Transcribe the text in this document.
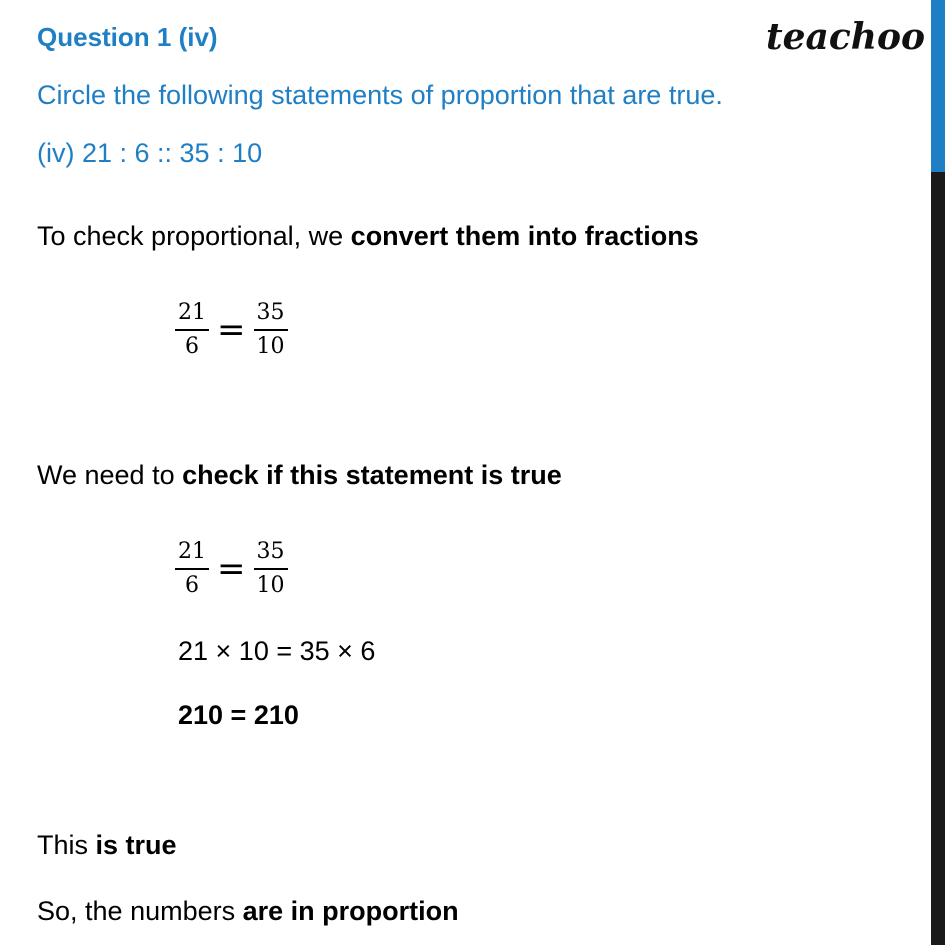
Question 1 (iv)	teachoo
Circle the following statements of proportion that are true.
(iv) 21 : 6 :: 35 : 10
To check proportional, we convert them into fractions
$\frac{21}{6} = \frac{35}{10}$
We need to check if this statement is true
$\frac{21}{6} = \frac{35}{10}$
21 × 10 = 35 × 6
210 = 210
This is true
So, the numbers are in proportion
